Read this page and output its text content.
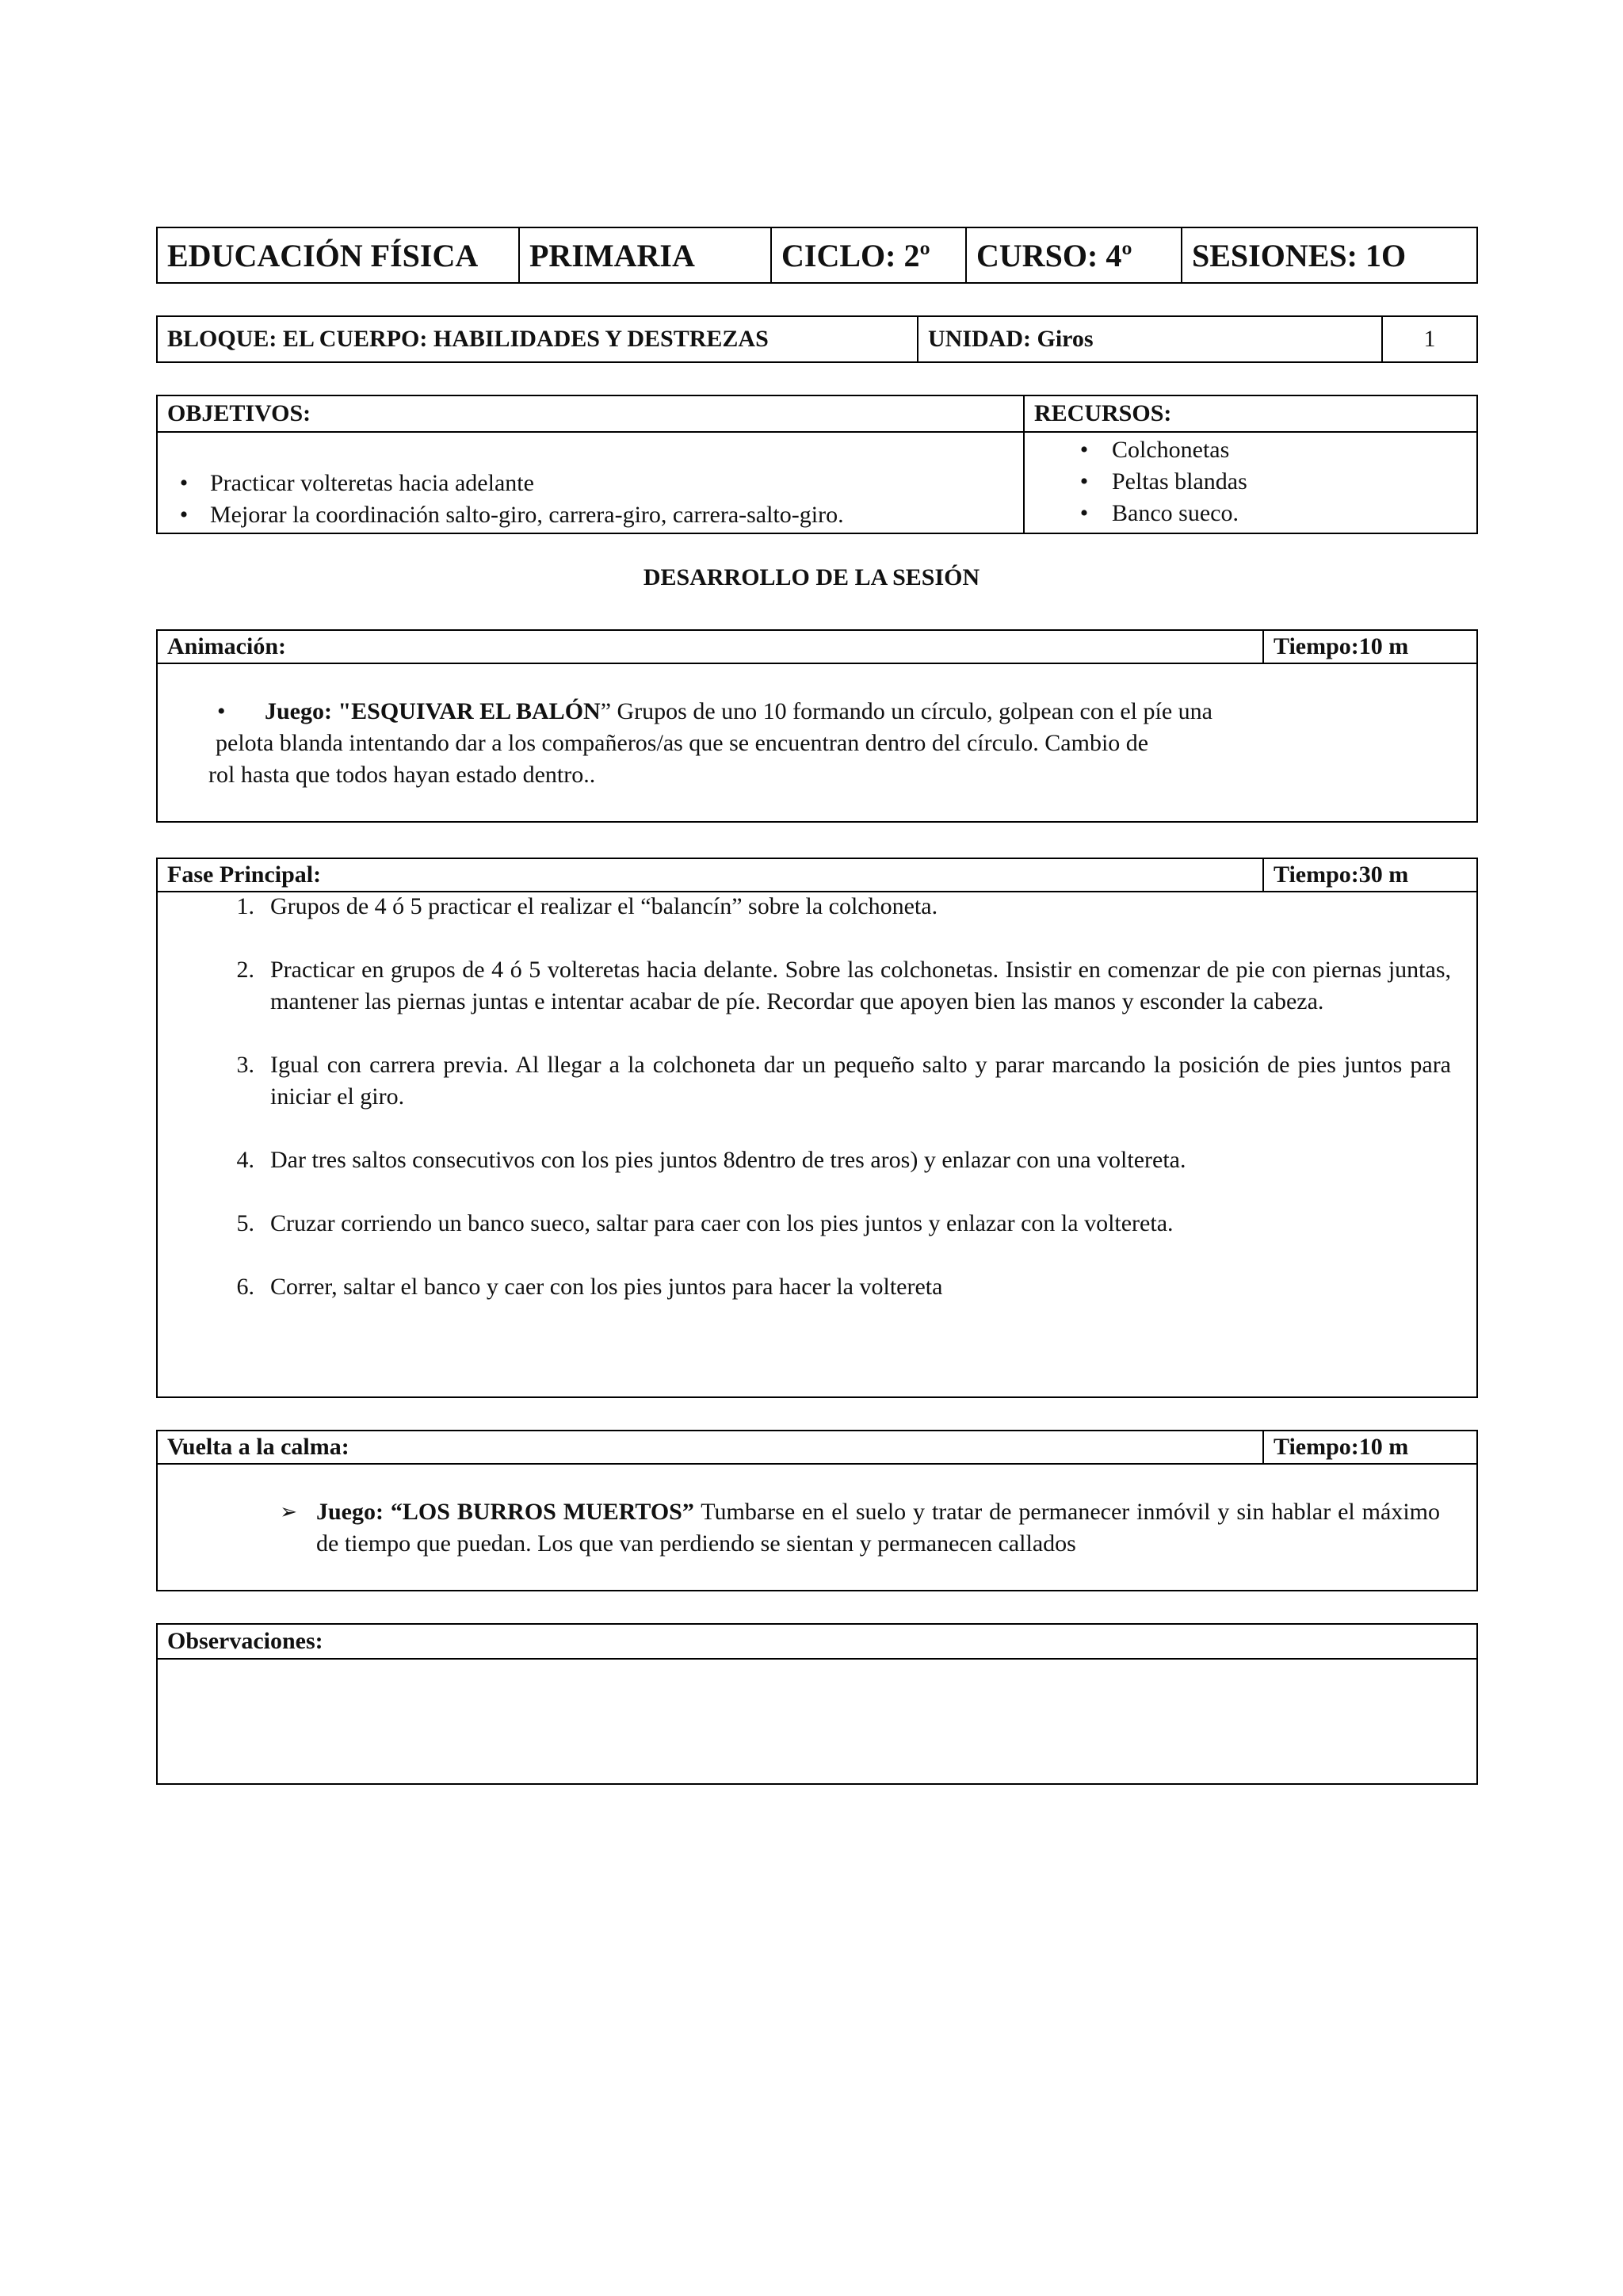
EDUCACIÓN FÍSICA	PRIMARIA	CICLO: 2º	CURSO: 4º	SESIONES: 1O
BLOQUE: EL CUERPO: HABILIDADES Y DESTREZAS	UNIDAD: Giros	1
OBJETIVOS:
• Practicar volteretas hacia adelante
• Mejorar la coordinación salto-giro, carrera-giro, carrera-salto-giro.
RECURSOS:
• Colchonetas
• Peltas blandas
• Banco sueco.
DESARROLLO DE LA SESIÓN
Animación:	Tiempo:10 m
• Juego: "ESQUIVAR EL BALÓN” Grupos de uno 10 formando un círculo, golpean con el píe una
pelota blanda intentando dar a los compañeros/as que se encuentran dentro del círculo. Cambio de
rol hasta que todos hayan estado dentro..
Fase Principal:	Tiempo:30 m
1. Grupos de 4 ó 5 practicar el realizar el “balancín” sobre la colchoneta.
2. Practicar en grupos de 4 ó 5 volteretas hacia delante. Sobre las colchonetas. Insistir en comenzar de pie con piernas juntas, mantener las piernas juntas e intentar acabar de píe. Recordar que apoyen bien las manos y esconder la cabeza.
3. Igual con carrera previa. Al llegar a la colchoneta dar un pequeño salto y parar marcando la posición de pies juntos para iniciar el giro.
4. Dar tres saltos consecutivos con los pies juntos 8dentro de tres aros) y enlazar con una voltereta.
5. Cruzar corriendo un banco sueco, saltar para caer con los pies juntos y enlazar con la voltereta.
6. Correr, saltar el banco y caer con los pies juntos para hacer la voltereta
Vuelta a la calma:	Tiempo:10 m
➢ Juego: “LOS BURROS MUERTOS” Tumbarse en el suelo y tratar de permanecer inmóvil y sin hablar el máximo de tiempo que puedan. Los que van perdiendo se sientan y permanecen callados
Observaciones:
